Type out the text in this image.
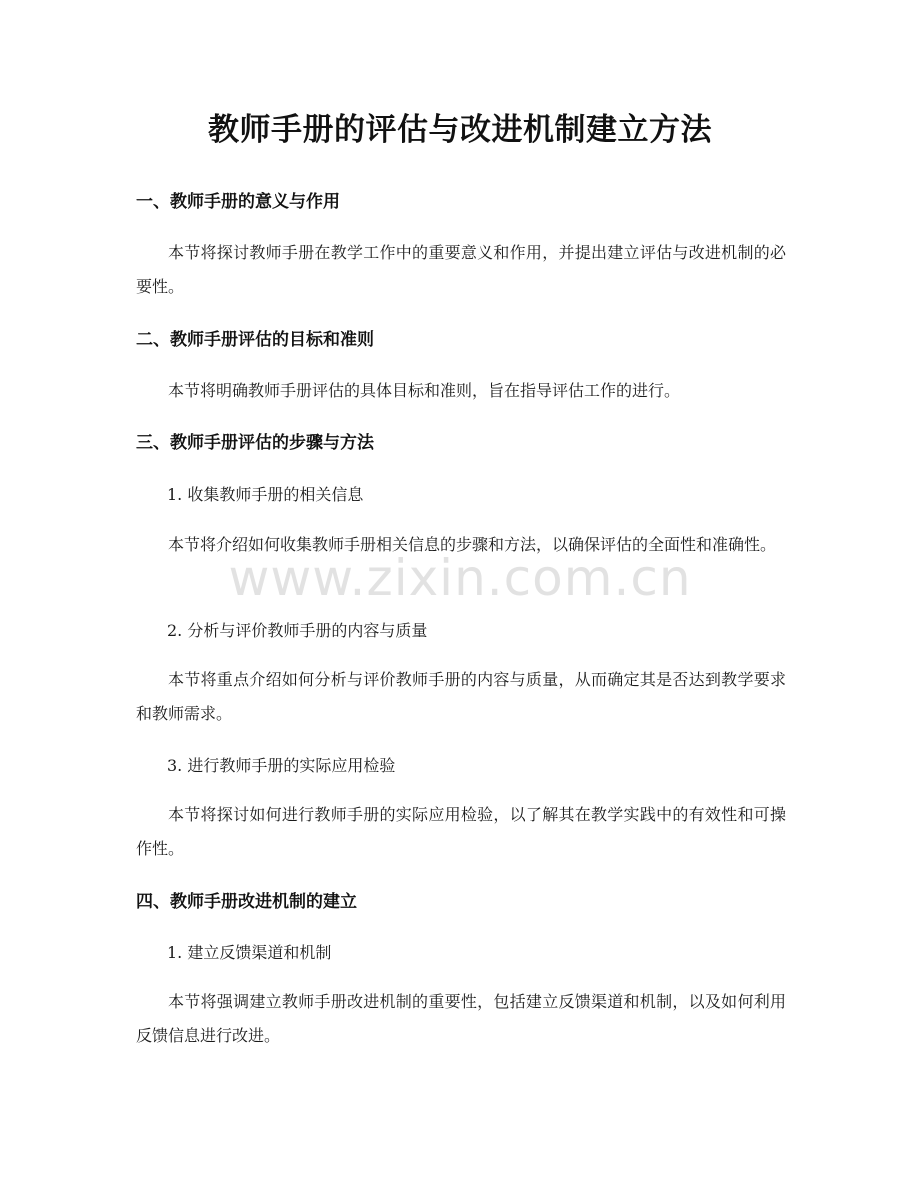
教师手册的评估与改进机制建立方法
一、教师手册的意义与作用

本节将探讨教师手册在教学工作中的重要意义和作用，并提出建立评估与改进机制的必要性。

二、教师手册评估的目标和准则

本节将明确教师手册评估的具体目标和准则，旨在指导评估工作的进行。

三、教师手册评估的步骤与方法
1. 收集教师手册的相关信息

本节将介绍如何收集教师手册相关信息的步骤和方法，以确保评估的全面性和准确性。

2. 分析与评价教师手册的内容与质量

本节将重点介绍如何分析与评价教师手册的内容与质量，从而确定其是否达到教学要求和教师需求。

3. 进行教师手册的实际应用检验

本节将探讨如何进行教师手册的实际应用检验，以了解其在教学实践中的有效性和可操作性。

四、教师手册改进机制的建立
1. 建立反馈渠道和机制

本节将强调建立教师手册改进机制的重要性，包括建立反馈渠道和机制，以及如何利用反馈信息进行改进。

www.zixin.com.cn
